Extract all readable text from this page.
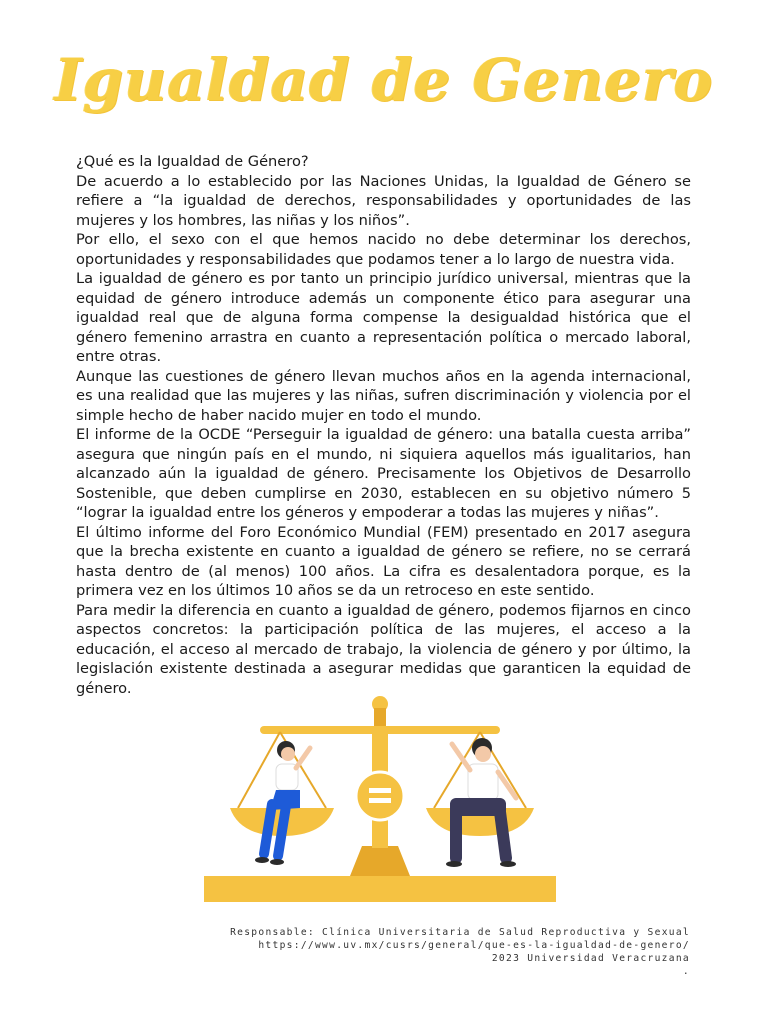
Igualdad de Genero

¿Qué es la Igualdad de Género?

De acuerdo a lo establecido por las Naciones Unidas, la Igualdad de Género se refiere a “la igualdad de derechos, responsabilidades y oportunidades de las mujeres y los hombres, las niñas y los niños”.

Por ello, el sexo con el que hemos nacido no debe determinar los derechos, oportunidades y responsabilidades que podamos tener a lo largo de nuestra vida.

La igualdad de género es por tanto un principio jurídico universal, mientras que la equidad de género introduce además un componente ético para asegurar una igualdad real que de alguna forma compense la desigualdad histórica que el género femenino arrastra en cuanto a representación política o mercado laboral, entre otras.

Aunque las cuestiones de género llevan muchos años en la agenda internacional, es una realidad que las mujeres y las niñas, sufren discriminación y violencia por el simple hecho de haber nacido mujer en todo el mundo.

El informe de la OCDE “Perseguir la igualdad de género: una batalla cuesta arriba” asegura que ningún país en el mundo, ni siquiera aquellos más igualitarios, han alcanzado aún la igualdad de género. Precisamente los Objetivos de Desarrollo Sostenible, que deben cumplirse en 2030, establecen en su objetivo número 5 “lograr la igualdad entre los géneros y empoderar a todas las mujeres y niñas”.

El último informe del Foro Económico Mundial (FEM) presentado en 2017 asegura que la brecha existente en cuanto a igualdad de género se refiere, no se cerrará hasta dentro de (al menos) 100 años. La cifra es desalentadora porque, es la primera vez en los últimos 10 años se da un retroceso en este sentido.

Para medir la diferencia en cuanto a igualdad de género, podemos fijarnos en cinco aspectos concretos: la participación política de las mujeres, el acceso a la educación, el acceso al mercado de trabajo, la violencia de género y por último, la legislación existente destinada a asegurar medidas que garanticen la equidad de género.

Responsable: Clínica Universitaria de Salud Reproductiva y Sexual
https://www.uv.mx/cusrs/general/que-es-la-igualdad-de-genero/
2023 Universidad Veracruzana
.
